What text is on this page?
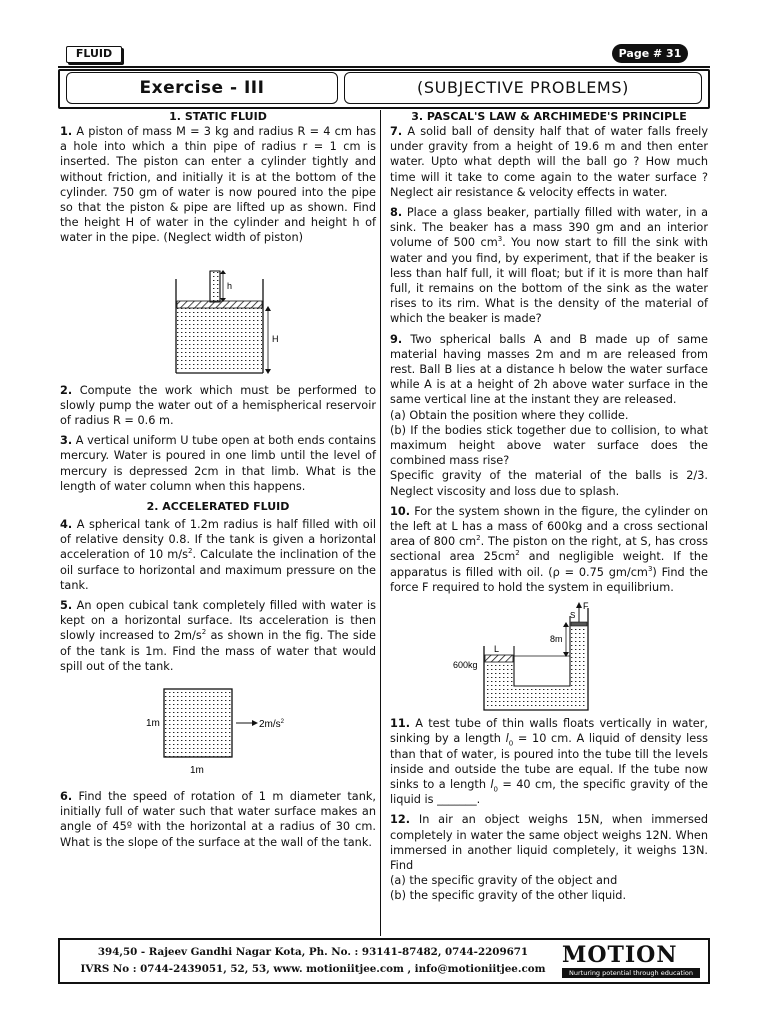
FLUID	Page # 31
Exercise - III	(SUBJECTIVE PROBLEMS)
1. STATIC FLUID
1. A piston of mass M = 3 kg and radius R = 4 cm has a hole into which a thin pipe of radius r = 1 cm is inserted. The piston can enter a cylinder tightly and without friction, and initially it is at the bottom of the cylinder. 750 gm of water is now poured into the pipe so that the piston & pipe are lifted up as shown. Find the height H of water in the cylinder and height h of water in the pipe. (Neglect width of piston)
h
H
2. Compute the work which must be performed to slowly pump the water out of a hemispherical reservoir of radius R = 0.6 m.
3. A vertical uniform U tube open at both ends contains mercury. Water is poured in one limb until the level of mercury is depressed 2cm in that limb. What is the length of water column when this happens.
2. ACCELERATED FLUID
4. A spherical tank of 1.2m radius is half filled with oil of relative density 0.8. If the tank is given a horizontal acceleration of 10 $m/s^2$. Calculate the inclination of the oil surface to horizontal and maximum pressure on the tank.
5. An open cubical tank completely filled with water is kept on a horizontal surface. Its acceleration is then slowly increased to $2m/s^2$ as shown in the fig. The side of the tank is 1m. Find the mass of water that would spill out of the tank.
1m
1m
$2m/s^2$
6. Find the speed of rotation of 1 m diameter tank, initially full of water such that water surface makes an angle of 45º with the horizontal at a radius of 30 cm. What is the slope of the surface at the wall of the tank.
3. PASCAL'S LAW & ARCHIMEDE'S PRINCIPLE
7. A solid ball of density half that of water falls freely under gravity from a height of 19.6 m and then enter water. Upto what depth will the ball go ? How much time will it take to come again to the water surface ? Neglect air resistance & velocity effects in water.
8. Place a glass beaker, partially filled with water, in a sink. The beaker has a mass 390 gm and an interior volume of 500 $cm^3$. You now start to fill the sink with water and you find, by experiment, that if the beaker is less than half full, it will float; but if it is more than half full, it remains on the bottom of the sink as the water rises to its rim. What is the density of the material of which the beaker is made?
9. Two spherical balls A and B made up of same material having masses 2m and m are released from rest. Ball B lies at a distance h below the water surface while A is at a height of 2h above water surface in the same vertical line at the instant they are released.
(a) Obtain the position where they collide.
(b) If the bodies stick together due to collision, to what maximum height above water surface does the combined mass rise?
Specific gravity of the material of the balls is 2/3. Neglect viscosity and loss due to splash.
10. For the system shown in the figure, the cylinder on the left at L has a mass of 600kg and a cross sectional area of 800 $cm^2$. The piston on the right, at S, has cross sectional area $25cm^2$ and negligible weight. If the apparatus is filled with oil. (ρ = 0.75 $gm/cm^3$) Find the force F required to hold the system in equilibrium.
F
S
8m
L
600kg
11. A test tube of thin walls floats vertically in water, sinking by a length $l_0 = 10$ cm. A liquid of density less than that of water, is poured into the tube till the levels inside and outside the tube are equal. If the tube now sinks to a length $l_0 = 40$ cm, the specific gravity of the liquid is _______.
12. In air an object weighs 15N, when immersed completely in water the same object weighs 12N. When immersed in another liquid completely, it weighs 13N. Find
(a) the specific gravity of the object and
(b) the specific gravity of the other liquid.
394,50 - Rajeev Gandhi Nagar Kota, Ph. No. : 93141-87482, 0744-2209671
IVRS No : 0744-2439051, 52, 53, www. motioniitjee.com , info@motioniitjee.com
MOTION
Nurturing potential through education
